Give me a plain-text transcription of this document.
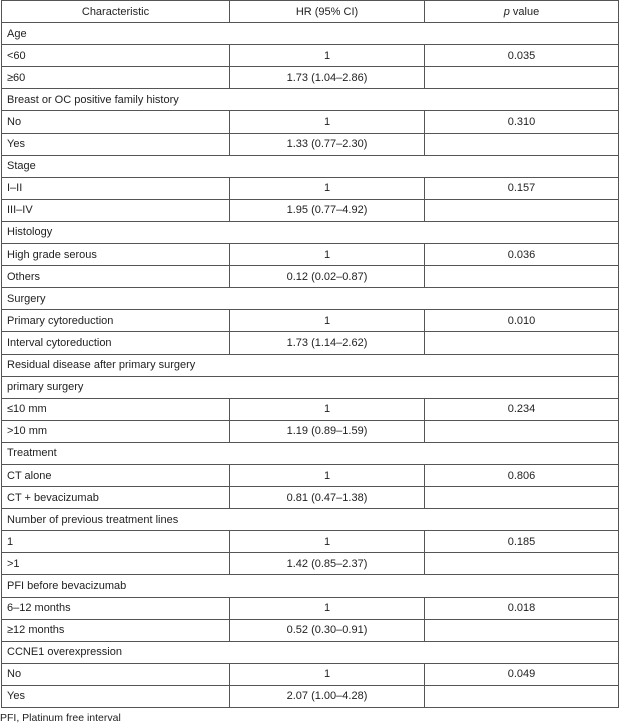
Characteristic	HR (95% CI)	p value
Age		
<60	1	0.035
≥60	1.73 (1.04–2.86)	
Breast or OC positive family history		
No	1	0.310
Yes	1.33 (0.77–2.30)	
Stage		
I–II	1	0.157
III–IV	1.95 (0.77–4.92)	
Histology		
High grade serous	1	0.036
Others	0.12 (0.02–0.87)	
Surgery		
Primary cytoreduction	1	0.010
Interval cytoreduction	1.73 (1.14–2.62)	
Residual disease after primary surgery		
primary surgery		
≤10 mm	1	0.234
>10 mm	1.19 (0.89–1.59)	
Treatment		
CT alone	1	0.806
CT + bevacizumab	0.81 (0.47–1.38)	
Number of previous treatment lines		
1	1	0.185
>1	1.42 (0.85–2.37)	
PFI before bevacizumab		
6–12 months	1	0.018
≥12 months	0.52 (0.30–0.91)	
CCNE1 overexpression		
No	1	0.049
Yes	2.07 (1.00–4.28)	
PFI, Platinum free interval
